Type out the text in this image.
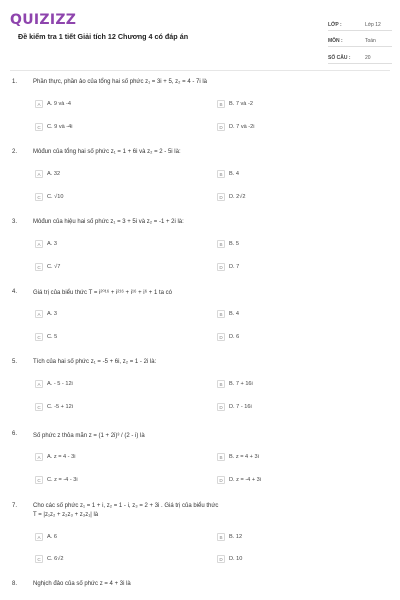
QUIZIZZ
Đề kiểm tra 1 tiết Giải tích 12 Chương 4 có đáp án
LỚP :	Lớp 12
MÔN :	Toán
SỐ CÂU :	20
1.	Phần thực, phần ảo của tổng hai số phức z₁ = 3i + 5, z₂ = 4 - 7i là
A	A. 9 và -4	B	B. 7 và -2
C	C. 9 và -4i	D	D. 7 và -2i
2.	Môđun của tổng hai số phức z₁ = 1 + 6i và z₂ = 2 - 5i là:
A	A. 32	B	B. 4
C	C. √10	D	D. 2√2
3.	Môđun của hiệu hai số phức z₁ = 3 + 5i và z₂ = -1 + 2i là:
A	A. 3	B	B. 5
C	C. √7	D	D. 7
4.	Giá trị của biểu thức T = i²⁰¹⁶ + i²¹⁶ + i¹⁶ + i⁶ + 1 ta có
A	A. 3	B	B. 4
C	C. 5	D	D. 6
5.	Tích của hai số phức z₁ = -5 + 6i, z₂ = 1 - 2i là:
A	A. - 5 - 12i	B	B. 7 + 16i
C	C. -5 + 12i	D	D. 7 - 16i
6.	Số phức z thỏa mãn z = (1 + 2i)³ / (2 - i) là
A	A. z = 4 - 3i	B	B. z = 4 + 3i
C	C. z = -4 - 3i	D	D. z = -4 + 3i
7.	Cho các số phức z₁ = 1 + i, z₂ = 1 - i, z₃ = 2 + 3i . Giá trị của biểu thức
T = |z₁z₂ + z₂z₃ + z₃z₁| là
A	A. 6	B	B. 12
C	C. 6√2	D	D. 10
8.	Nghịch đảo của số phức z = 4 + 3i là
